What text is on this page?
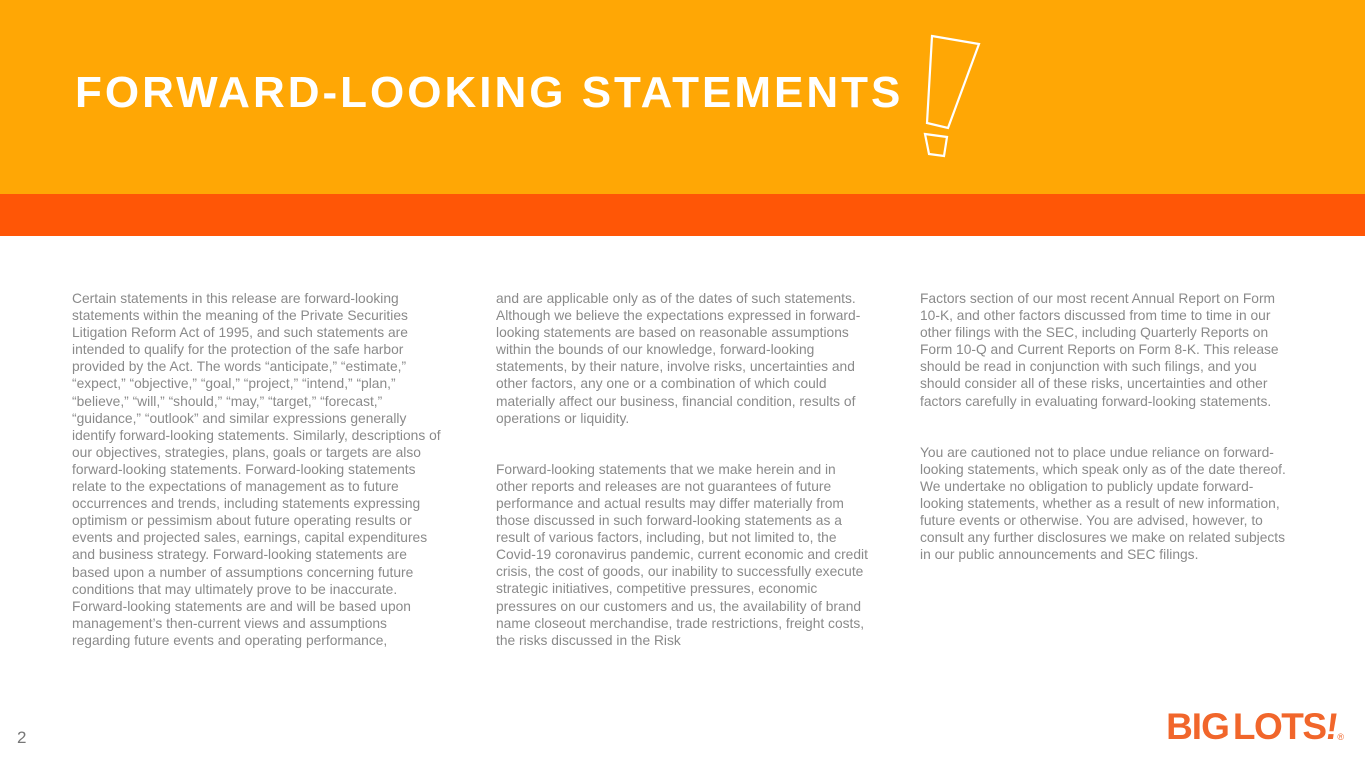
FORWARD-LOOKING STATEMENTS

Certain statements in this release are forward-looking statements within the meaning of the Private Securities Litigation Reform Act of 1995, and such statements are intended to qualify for the protection of the safe harbor provided by the Act. The words “anticipate,” “estimate,” “expect,” “objective,” “goal,” “project,” “intend,” “plan,” “believe,” “will,” “should,” “may,” “target,” “forecast,” “guidance,” “outlook” and similar expressions generally identify forward-looking statements. Similarly, descriptions of our objectives, strategies, plans, goals or targets are also forward-looking statements. Forward-looking statements relate to the expectations of management as to future occurrences and trends, including statements expressing optimism or pessimism about future operating results or events and projected sales, earnings, capital expenditures and business strategy. Forward-looking statements are based upon a number of assumptions concerning future conditions that may ultimately prove to be inaccurate. Forward-looking statements are and will be based upon management’s then-current views and assumptions regarding future events and operating performance,

and are applicable only as of the dates of such statements. Although we believe the expectations expressed in forward-looking statements are based on reasonable assumptions within the bounds of our knowledge, forward-looking statements, by their nature, involve risks, uncertainties and other factors, any one or a combination of which could materially affect our business, financial condition, results of operations or liquidity.

Forward-looking statements that we make herein and in other reports and releases are not guarantees of future performance and actual results may differ materially from those discussed in such forward-looking statements as a result of various factors, including, but not limited to, the Covid-19 coronavirus pandemic, current economic and credit crisis, the cost of goods, our inability to successfully execute strategic initiatives, competitive pressures, economic pressures on our customers and us, the availability of brand name closeout merchandise, trade restrictions, freight costs, the risks discussed in the Risk

Factors section of our most recent Annual Report on Form 10-K, and other factors discussed from time to time in our other filings with the SEC, including Quarterly Reports on Form 10-Q and Current Reports on Form 8-K. This release should be read in conjunction with such filings, and you should consider all of these risks, uncertainties and other factors carefully in evaluating forward-looking statements.

You are cautioned not to place undue reliance on forward-looking statements, which speak only as of the date thereof. We undertake no obligation to publicly update forward-looking statements, whether as a result of new information, future events or otherwise. You are advised, however, to consult any further disclosures we make on related subjects in our public announcements and SEC filings.

2	BIG LOTS!®
